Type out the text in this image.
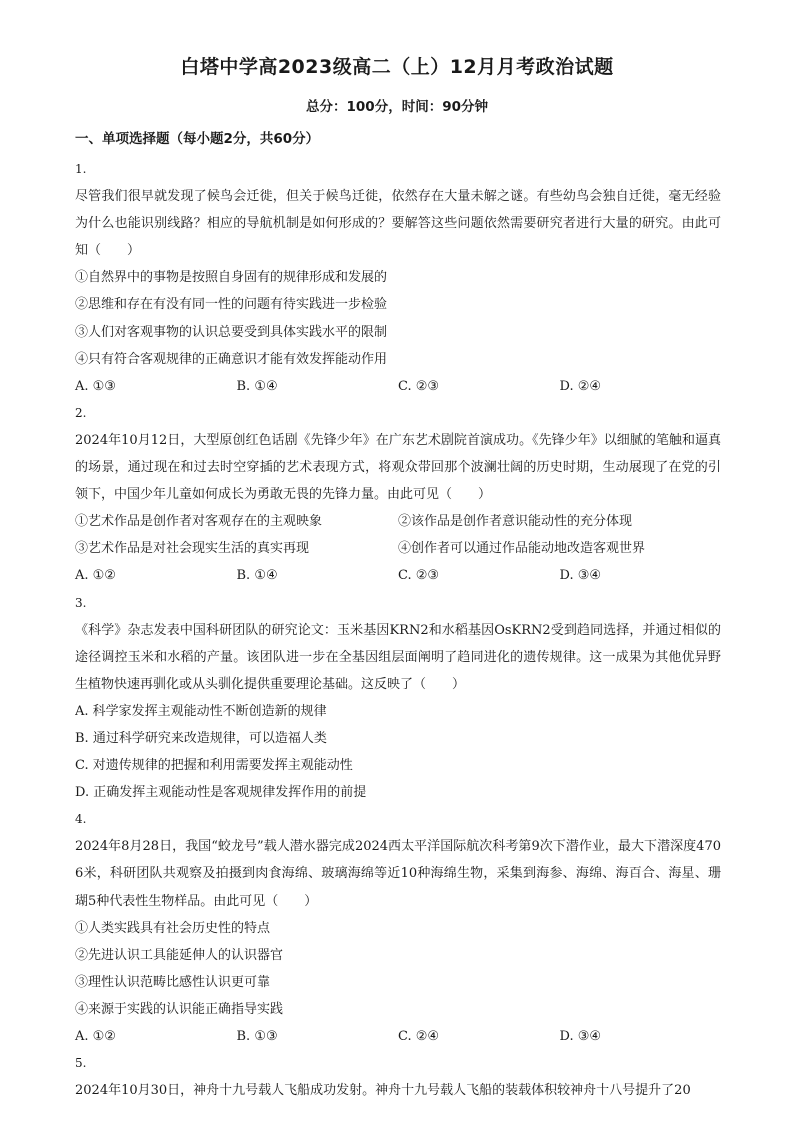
白塔中学高2023级高二（上）12月月考政治试题
总分：100分，时间：90分钟
一、单项选择题（每小题2分，共60分）
1.
尽管我们很早就发现了候鸟会迁徙，但关于候鸟迁徙，依然存在大量未解之谜。有些幼鸟会独自迁徙，毫无经验为什么也能识别线路？相应的导航机制是如何形成的？要解答这些问题依然需要研究者进行大量的研究。由此可知（　　）
①自然界中的事物是按照自身固有的规律形成和发展的
②思维和存在有没有同一性的问题有待实践进一步检验
③人们对客观事物的认识总要受到具体实践水平的限制
④只有符合客观规律的正确意识才能有效发挥能动作用
A. ①③	B. ①④	C. ②③	D. ②④
2.
2024年10月12日，大型原创红色话剧《先锋少年》在广东艺术剧院首演成功。《先锋少年》以细腻的笔触和逼真的场景，通过现在和过去时空穿插的艺术表现方式，将观众带回那个波澜壮阔的历史时期，生动展现了在党的引领下，中国少年儿童如何成长为勇敢无畏的先锋力量。由此可见（　　）
①艺术作品是创作者对客观存在的主观映象	②该作品是创作者意识能动性的充分体现
③艺术作品是对社会现实生活的真实再现	④创作者可以通过作品能动地改造客观世界
A. ①②	B. ①④	C. ②③	D. ③④
3.
《科学》杂志发表中国科研团队的研究论文：玉米基因KRN2和水稻基因OsKRN2受到趋同选择，并通过相似的途径调控玉米和水稻的产量。该团队进一步在全基因组层面阐明了趋同进化的遗传规律。这一成果为其他优异野生植物快速再驯化或从头驯化提供重要理论基础。这反映了（　　）
A. 科学家发挥主观能动性不断创造新的规律
B. 通过科学研究来改造规律，可以造福人类
C. 对遗传规律的把握和利用需要发挥主观能动性
D. 正确发挥主观能动性是客观规律发挥作用的前提
4.
2024年8月28日，我国“蛟龙号”载人潜水器完成2024西太平洋国际航次科考第9次下潜作业，最大下潜深度4706米，科研团队共观察及拍摄到肉食海绵、玻璃海绵等近10种海绵生物，采集到海参、海绵、海百合、海星、珊瑚5种代表性生物样品。由此可见（　　）
①人类实践具有社会历史性的特点
②先进认识工具能延伸人的认识器官
③理性认识范畴比感性认识更可靠
④来源于实践的认识能正确指导实践
A. ①②	B. ①③	C. ②④	D. ③④
5.
2024年10月30日，神舟十九号载人飞船成功发射。神舟十九号载人飞船的装载体积较神舟十八号提升了20
